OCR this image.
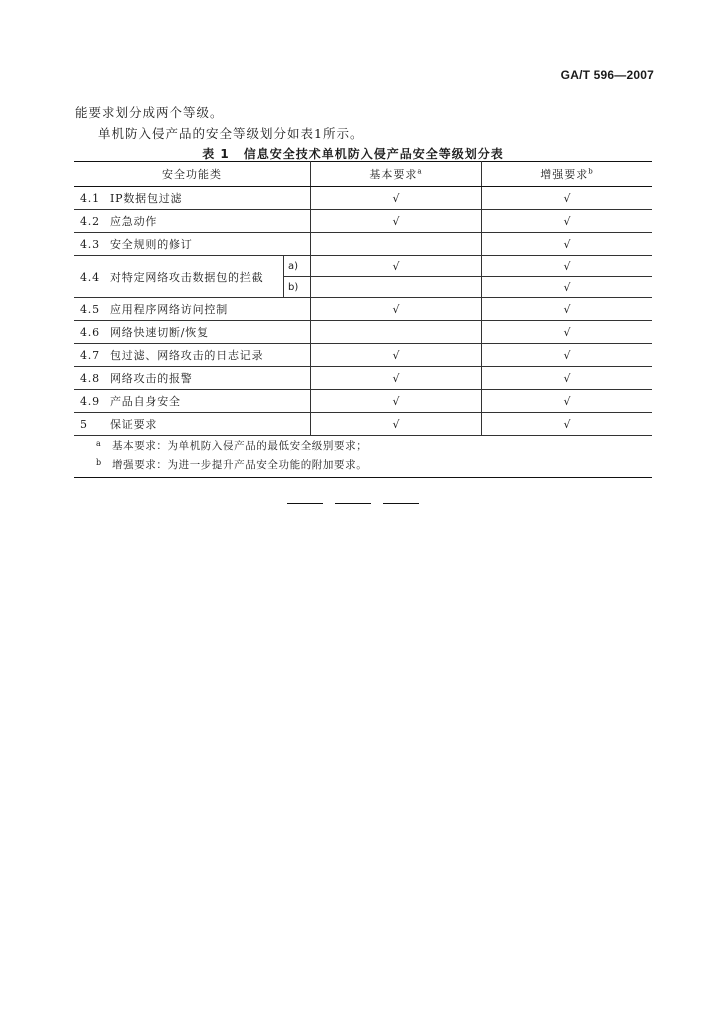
GA/T 596—2007
能要求划分成两个等级。
单机防入侵产品的安全等级划分如表1所示。
表 1 信息安全技术单机防入侵产品安全等级划分表
安全功能类		基本要求$^a$	增强要求$^b$
4.1 IP数据包过滤		√	√
4.2 应急动作		√	√
4.3 安全规则的修订			√
4.4 对特定网络攻击数据包的拦截	a)	√	√
	b)		√
4.5 应用程序网络访问控制		√	√
4.6 网络快速切断/恢复			√
4.7 包过滤、网络攻击的日志记录		√	√
4.8 网络攻击的报警		√	√
4.9 产品自身安全		√	√
5 保证要求		√	√
a 基本要求：为单机防入侵产品的最低安全级别要求；			
b 增强要求：为进一步提升产品安全功能的附加要求。			
